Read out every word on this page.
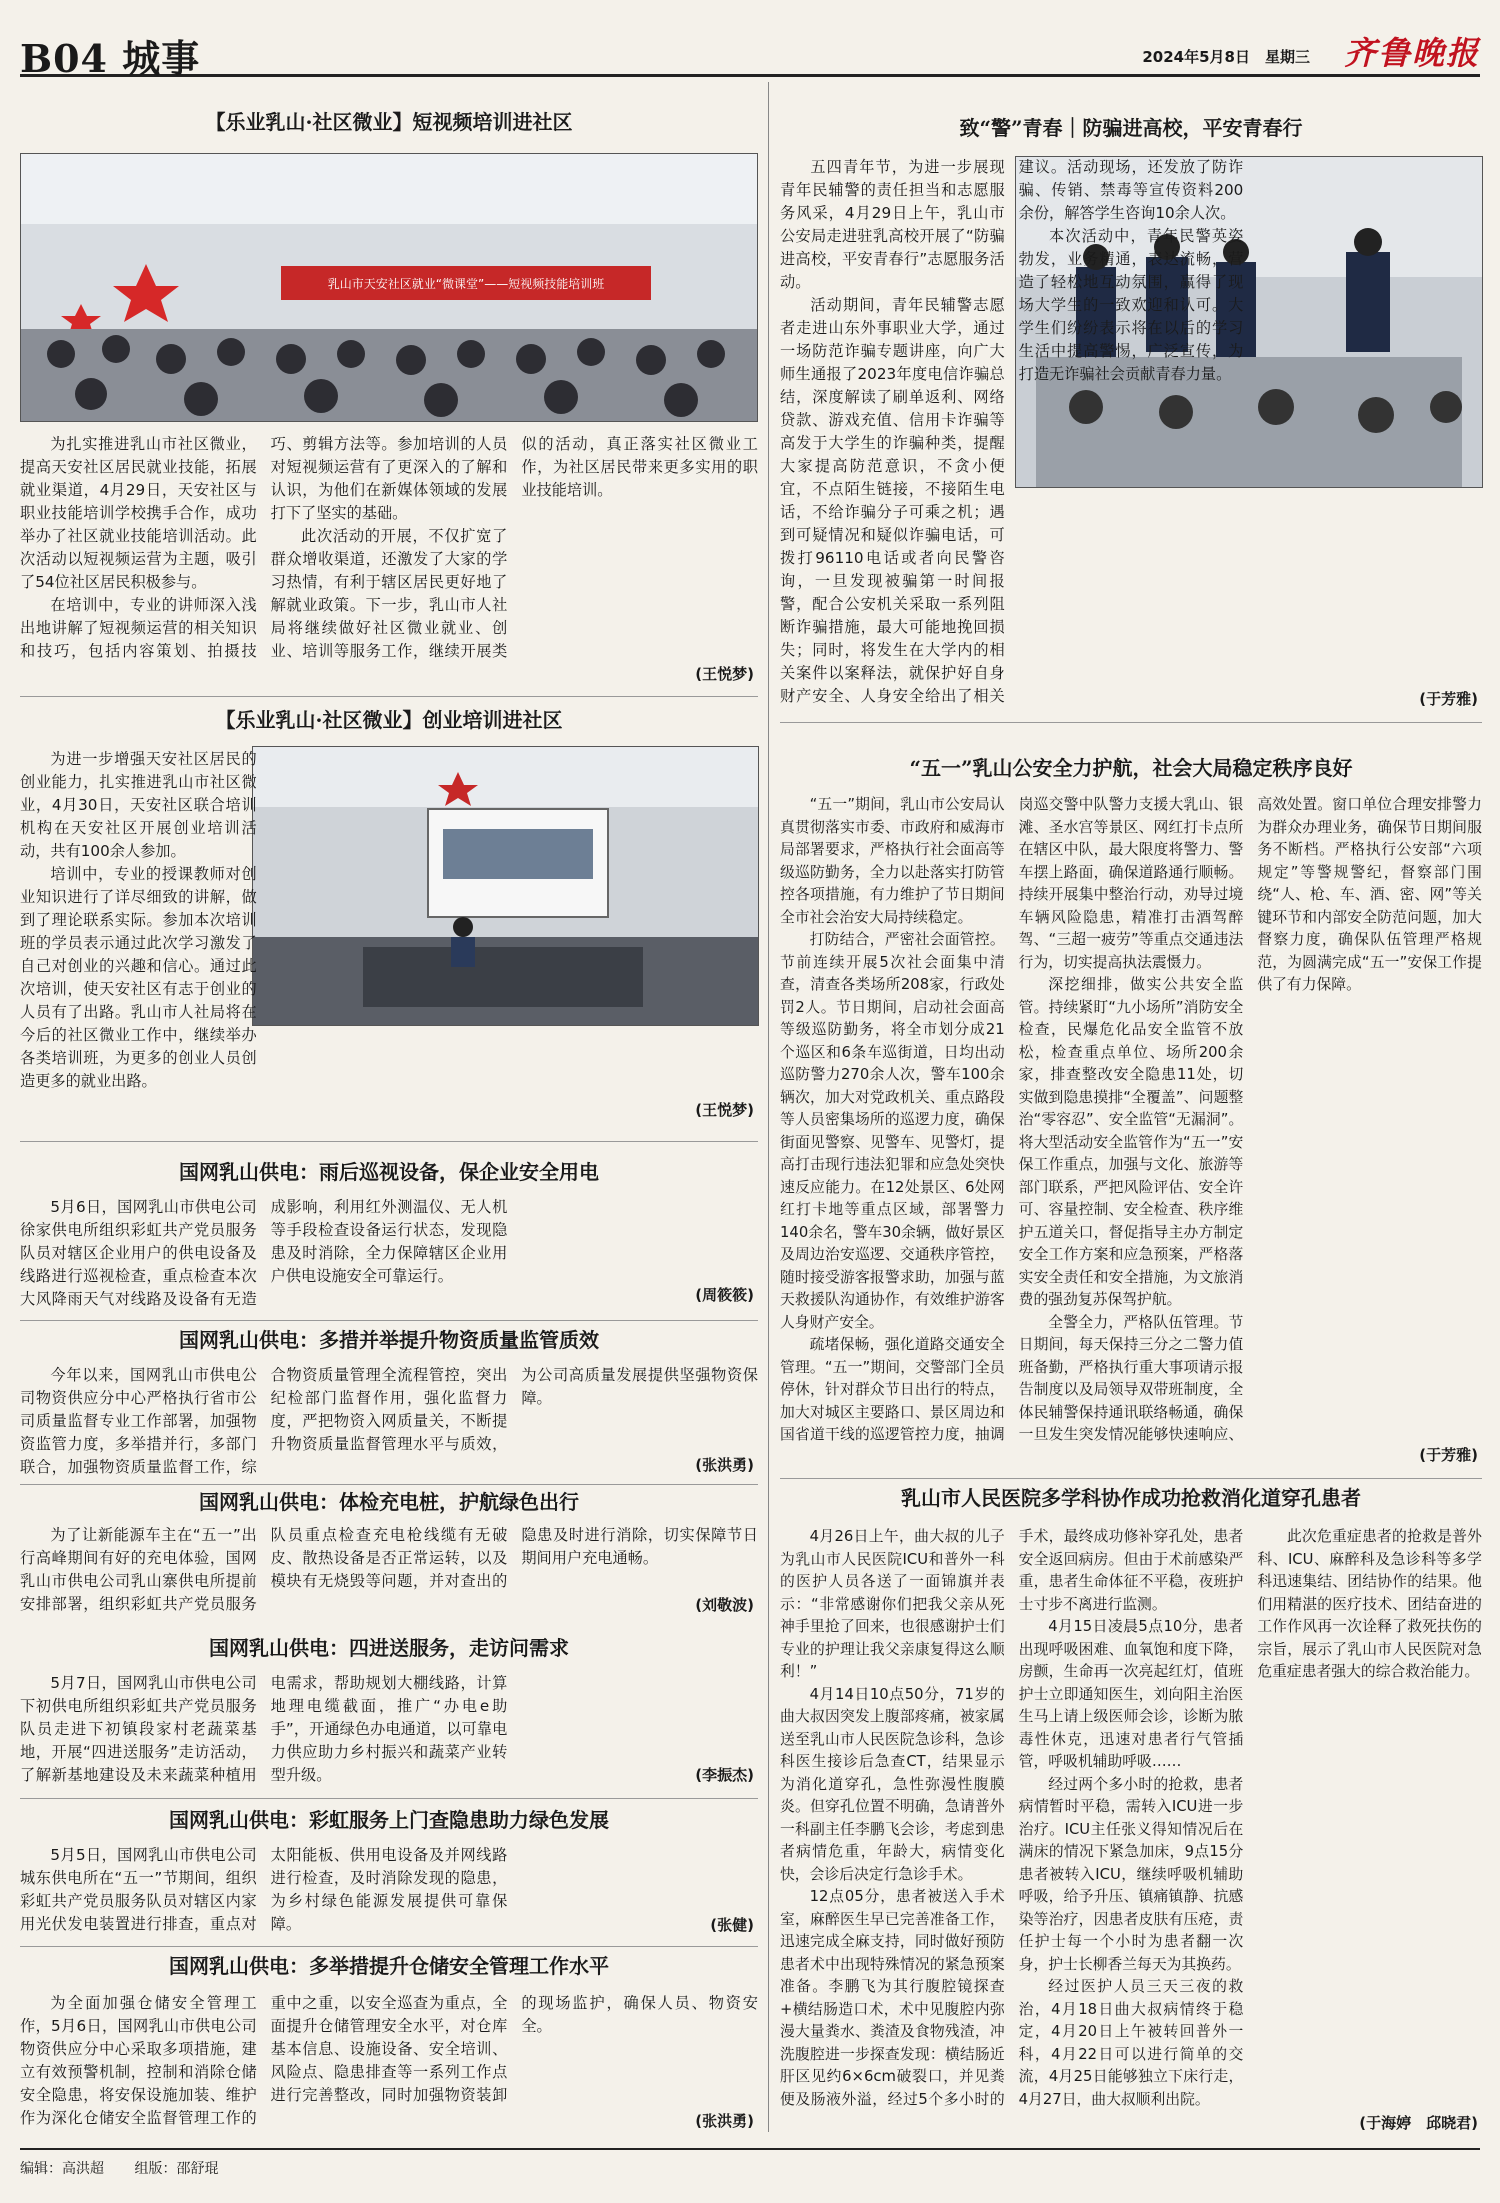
B04 城事	2024年5月8日　星期三 齐鲁晚报
【乐业乳山·社区微业】短视频培训进社区
乳山市天安社区就业“微课堂”——短视频技能培训班

为扎实推进乳山市社区微业，提高天安社区居民就业技能，拓展就业渠道，4月29日，天安社区与职业技能培训学校携手合作，成功举办了社区就业技能培训活动。此次活动以短视频运营为主题，吸引了54位社区居民积极参与。

在培训中，专业的讲师深入浅出地讲解了短视频运营的相关知识和技巧，包括内容策划、拍摄技巧、剪辑方法等。参加培训的人员对短视频运营有了更深入的了解和认识，为他们在新媒体领域的发展打下了坚实的基础。

此次活动的开展，不仅扩宽了群众增收渠道，还激发了大家的学习热情，有利于辖区居民更好地了解就业政策。下一步，乳山市人社局将继续做好社区微业就业、创业、培训等服务工作，继续开展类似的活动，真正落实社区微业工作，为社区居民带来更多实用的职业技能培训。

(王悦梦)
【乐业乳山·社区微业】创业培训进社区

为进一步增强天安社区居民的创业能力，扎实推进乳山市社区微业，4月30日，天安社区联合培训机构在天安社区开展创业培训活动，共有100余人参加。

培训中，专业的授课教师对创业知识进行了详尽细致的讲解，做到了理论联系实际。参加本次培训班的学员表示通过此次学习激发了自己对创业的兴趣和信心。通过此次培训，使天安社区有志于创业的人员有了出路。乳山市人社局将在今后的社区微业工作中，继续举办各类培训班，为更多的创业人员创造更多的就业出路。

(王悦梦)
国网乳山供电：雨后巡视设备，保企业安全用电

5月6日，国网乳山市供电公司徐家供电所组织彩虹共产党员服务队员对辖区企业用户的供电设备及线路进行巡视检查，重点检查本次大风降雨天气对线路及设备有无造成影响，利用红外测温仪、无人机等手段检查设备运行状态，发现隐患及时消除，全力保障辖区企业用户供电设施安全可靠运行。

(周筱筱)
国网乳山供电：多措并举提升物资质量监管质效

今年以来，国网乳山市供电公司物资供应分中心严格执行省市公司质量监督专业工作部署，加强物资监管力度，多举措并行，多部门联合，加强物资质量监督工作，综合物资质量管理全流程管控，突出纪检部门监督作用，强化监督力度，严把物资入网质量关，不断提升物资质量监督管理水平与质效，为公司高质量发展提供坚强物资保障。

(张洪勇)
国网乳山供电：体检充电桩，护航绿色出行

为了让新能源车主在“五一”出行高峰期间有好的充电体验，国网乳山市供电公司乳山寨供电所提前安排部署，组织彩虹共产党员服务队员重点检查充电枪线缆有无破皮、散热设备是否正常运转，以及模块有无烧毁等问题，并对查出的隐患及时进行消除，切实保障节日期间用户充电通畅。

(刘敬波)
国网乳山供电：四进送服务，走访问需求

5月7日，国网乳山市供电公司下初供电所组织彩虹共产党员服务队员走进下初镇段家村老蔬菜基地，开展“四进送服务”走访活动，了解新基地建设及未来蔬菜种植用电需求，帮助规划大棚线路，计算地理电缆截面，推广“办电e助手”，开通绿色办电通道，以可靠电力供应助力乡村振兴和蔬菜产业转型升级。	(李振杰)
国网乳山供电：彩虹服务上门查隐患助力绿色发展

5月5日，国网乳山市供电公司城东供电所在“五一”节期间，组织彩虹共产党员服务队员对辖区内家用光伏发电装置进行排查，重点对太阳能板、供用电设备及并网线路进行检查，及时消除发现的隐患，为乡村绿色能源发展提供可靠保障。	(张健)
国网乳山供电：多举措提升仓储安全管理工作水平

为全面加强仓储安全管理工作，5月6日，国网乳山市供电公司物资供应分中心采取多项措施，建立有效预警机制，控制和消除仓储安全隐患，将安保设施加装、维护作为深化仓储安全监督管理工作的重中之重，以安全巡查为重点，全面提升仓储管理安全水平，对仓库基本信息、设施设备、安全培训、风险点、隐患排查等一系列工作点进行完善整改，同时加强物资装卸的现场监护，确保人员、物资安全。

(张洪勇)
致“警”青春｜防骗进高校，平安青春行

五四青年节，为进一步展现青年民辅警的责任担当和志愿服务风采，4月29日上午，乳山市公安局走进驻乳高校开展了“防骗进高校，平安青春行”志愿服务活动。

活动期间，青年民辅警志愿者走进山东外事职业大学，通过一场防范诈骗专题讲座，向广大师生通报了2023年度电信诈骗总结，深度解读了刷单返利、网络贷款、游戏充值、信用卡诈骗等高发于大学生的诈骗种类，提醒大家提高防范意识，不贪小便宜，不点陌生链接，不接陌生电话，不给诈骗分子可乘之机；遇到可疑情况和疑似诈骗电话，可拨打96110电话或者向民警咨询，一旦发现被骗第一时间报警，配合公安机关采取一系列阻断诈骗措施，最大可能地挽回损失；同时，将发生在大学内的相关案件以案释法，就保护好自身财产安全、人身安全给出了相关建议。活动现场，还发放了防诈骗、传销、禁毒等宣传资料200余份，解答学生咨询10余人次。

本次活动中，青年民警英姿勃发，业务精通，表达流畅，营造了轻松地互动氛围，赢得了现场大学生的一致欢迎和认可。大学生们纷纷表示将在以后的学习生活中提高警惕，广泛宣传，为打造无诈骗社会贡献青春力量。

(于芳雅)
“五一”乳山公安全力护航，社会大局稳定秩序良好

“五一”期间，乳山市公安局认真贯彻落实市委、市政府和威海市局部署要求，严格执行社会面高等级巡防勤务，全力以赴落实打防管控各项措施，有力维护了节日期间全市社会治安大局持续稳定。

打防结合，严密社会面管控。节前连续开展5次社会面集中清查，清查各类场所208家，行政处罚2人。节日期间，启动社会面高等级巡防勤务，将全市划分成21个巡区和6条车巡街道，日均出动巡防警力270余人次，警车100余辆次，加大对党政机关、重点路段等人员密集场所的巡逻力度，确保街面见警察、见警车、见警灯，提高打击现行违法犯罪和应急处突快速反应能力。在12处景区、6处网红打卡地等重点区域，部署警力140余名，警车30余辆，做好景区及周边治安巡逻、交通秩序管控，随时接受游客报警求助，加强与蓝天救援队沟通协作，有效维护游客人身财产安全。

疏堵保畅，强化道路交通安全管理。“五一”期间，交警部门全员停休，针对群众节日出行的特点，加大对城区主要路口、景区周边和国省道干线的巡逻管控力度，抽调岗巡交警中队警力支援大乳山、银滩、圣水宫等景区、网红打卡点所在辖区中队，最大限度将警力、警车摆上路面，确保道路通行顺畅。持续开展集中整治行动，劝导过境车辆风险隐患，精准打击酒驾醉驾、“三超一疲劳”等重点交通违法行为，切实提高执法震慑力。

深挖细排，做实公共安全监管。持续紧盯“九小场所”消防安全检查，民爆危化品安全监管不放松，检查重点单位、场所200余家，排查整改安全隐患11处，切实做到隐患摸排“全覆盖”、问题整治“零容忍”、安全监管“无漏洞”。将大型活动安全监管作为“五一”安保工作重点，加强与文化、旅游等部门联系，严把风险评估、安全许可、容量控制、安全检查、秩序维护五道关口，督促指导主办方制定安全工作方案和应急预案，严格落实安全责任和安全措施，为文旅消费的强劲复苏保驾护航。

全警全力，严格队伍管理。节日期间，每天保持三分之二警力值班备勤，严格执行重大事项请示报告制度以及局领导双带班制度，全体民辅警保持通讯联络畅通，确保一旦发生突发情况能够快速响应、高效处置。窗口单位合理安排警力为群众办理业务，确保节日期间服务不断档。严格执行公安部“六项规定”等警规警纪，督察部门围绕“人、枪、车、酒、密、网”等关键环节和内部安全防范问题，加大督察力度，确保队伍管理严格规范，为圆满完成“五一”安保工作提供了有力保障。

(于芳雅)
乳山市人民医院多学科协作成功抢救消化道穿孔患者

4月26日上午，曲大叔的儿子为乳山市人民医院ICU和普外一科的医护人员各送了一面锦旗并表示：“非常感谢你们把我父亲从死神手里抢了回来，也很感谢护士们专业的护理让我父亲康复得这么顺利！”

4月14日10点50分，71岁的曲大叔因突发上腹部疼痛，被家属送至乳山市人民医院急诊科，急诊科医生接诊后急查CT，结果显示为消化道穿孔，急性弥漫性腹膜炎。但穿孔位置不明确，急请普外一科副主任李鹏飞会诊，考虑到患者病情危重，年龄大，病情变化快，会诊后决定行急诊手术。

12点05分，患者被送入手术室，麻醉医生早已完善准备工作，迅速完成全麻支持，同时做好预防患者术中出现特殊情况的紧急预案准备。李鹏飞为其行腹腔镜探查+横结肠造口术，术中见腹腔内弥漫大量粪水、粪渣及食物残渣，冲洗腹腔进一步探查发现：横结肠近肝区见约6×6cm破裂口，并见粪便及肠液外溢，经过5个多小时的手术，最终成功修补穿孔处，患者安全返回病房。但由于术前感染严重，患者生命体征不平稳，夜班护士寸步不离进行监测。

4月15日凌晨5点10分，患者出现呼吸困难、血氧饱和度下降，房颤，生命再一次亮起红灯，值班护士立即通知医生，刘向阳主治医生马上请上级医师会诊，诊断为脓毒性休克，迅速对患者行气管插管，呼吸机辅助呼吸……

经过两个多小时的抢救，患者病情暂时平稳，需转入ICU进一步治疗。ICU主任张义得知情况后在满床的情况下紧急加床，9点15分患者被转入ICU，继续呼吸机辅助呼吸，给予升压、镇痛镇静、抗感染等治疗，因患者皮肤有压疮，责任护士每一个小时为患者翻一次身，护士长柳香兰每天为其换药。

经过医护人员三天三夜的救治，4月18日曲大叔病情终于稳定，4月20日上午被转回普外一科，4月22日可以进行简单的交流，4月25日能够独立下床行走，4月27日，曲大叔顺利出院。

此次危重症患者的抢救是普外科、ICU、麻醉科及急诊科等多学科迅速集结、团结协作的结果。他们用精湛的医疗技术、团结奋进的工作作风再一次诠释了救死扶伤的宗旨，展示了乳山市人民医院对急危重症患者强大的综合救治能力。

(于海婷　邱晓君)
编辑：高洪超 组版：邵舒琨
